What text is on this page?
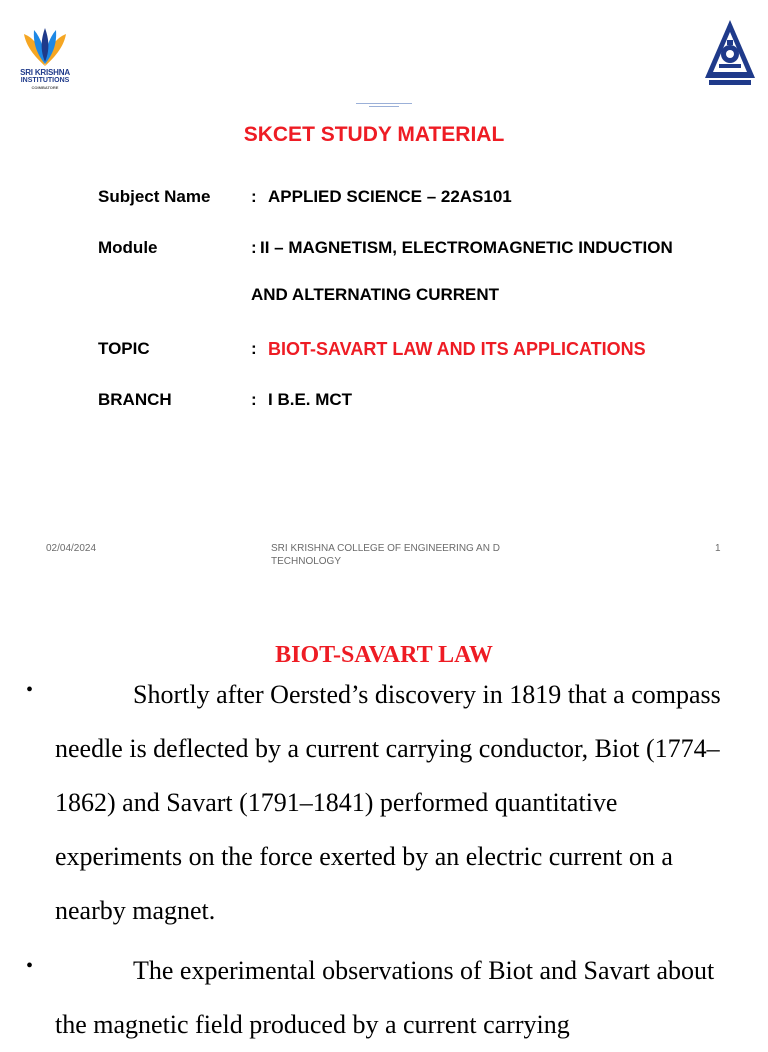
SRI KRISHNA
INSTITUTIONS
COIMBATORE
SKCET STUDY MATERIAL
Subject Name : APPLIED SCIENCE – 22AS101
Module	: II – MAGNETISM, ELECTROMAGNETIC INDUCTION
AND ALTERNATING CURRENT
TOPIC	: BIOT-SAVART LAW AND ITS APPLICATIONS
BRANCH	: I B.E. MCT
02/04/2024	SRI KRISHNA COLLEGE OF ENGINEERING AN D TECHNOLOGY
1
BIOT-SAVART LAW
•	Shortly after Oersted’s discovery in 1819 that a compass needle is deflected by a current carrying conductor, Biot (1774–1862) and Savart (1791–1841) performed quantitative experiments on the force exerted by an electric current on a nearby magnet.
•	The experimental observations of Biot and Savart about the magnetic field produced by a current carrying
